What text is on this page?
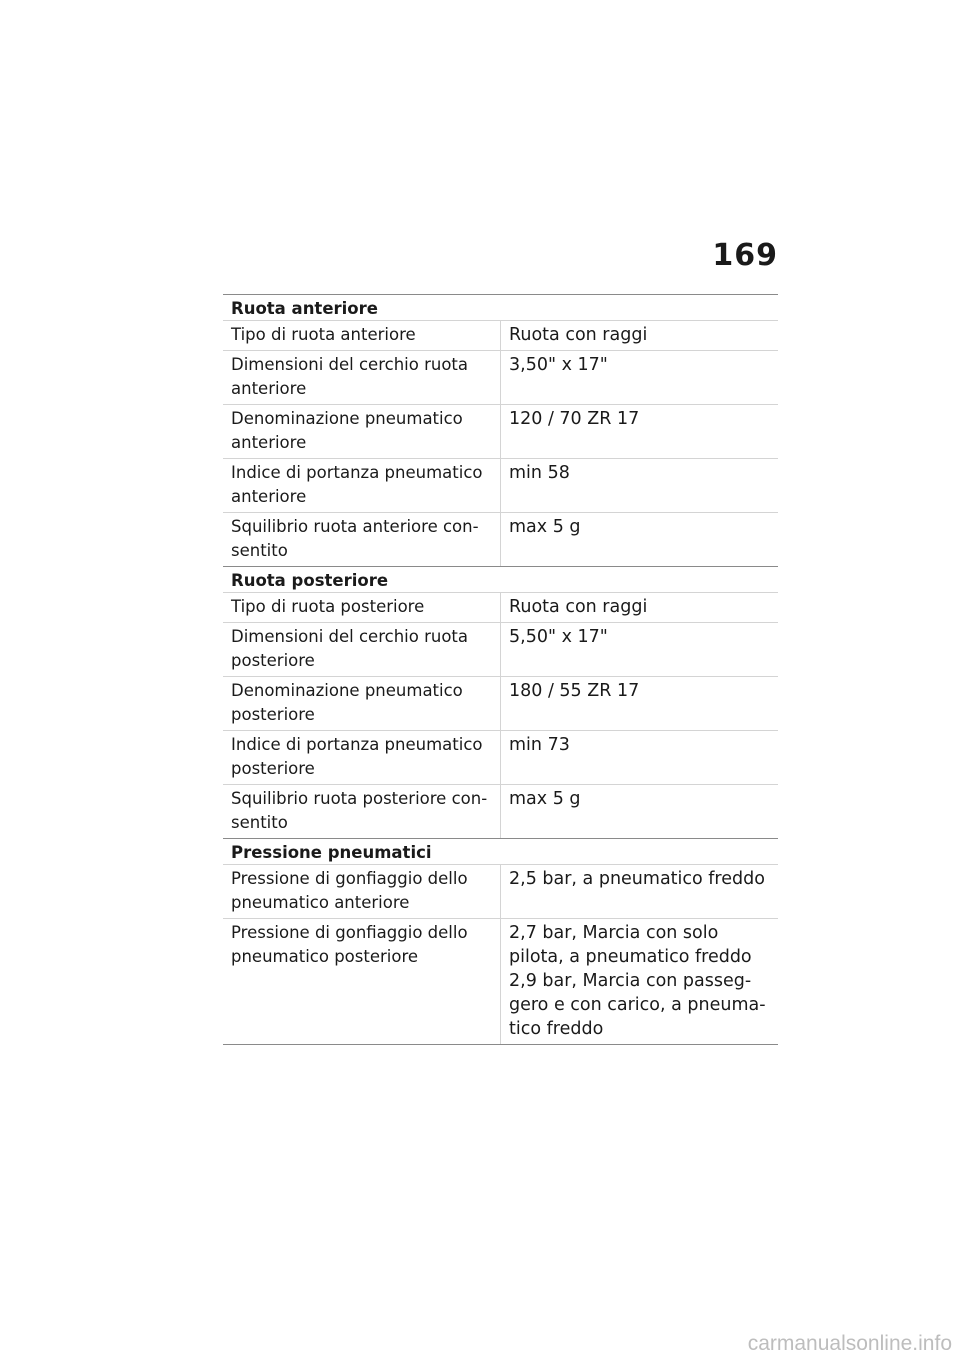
169
Ruota anteriore
Tipo di ruota anteriore	Ruota con raggi
Dimensioni del cerchio ruota anteriore
3,50" x 17"
Denominazione pneumatico anteriore
120 / 70 ZR 17
Indice di portanza pneumatico anteriore
min 58
Squilibrio ruota anteriore con-sentito
max 5 g
Ruota posteriore
Tipo di ruota posteriore	Ruota con raggi
Dimensioni del cerchio ruota posteriore
5,50" x 17"
Denominazione pneumatico posteriore
180 / 55 ZR 17
Indice di portanza pneumatico posteriore
min 73
Squilibrio ruota posteriore con-sentito
max 5 g
Pressione pneumatici
Pressione di gonfiaggio dello pneumatico anteriore
2,5 bar, a pneumatico freddo
Pressione di gonfiaggio dello pneumatico posteriore
2,7 bar, Marcia con solo pilota, a pneumatico freddo
2,9 bar, Marcia con passeg-gero e con carico, a pneuma-tico freddo
carmanualsonline.info
